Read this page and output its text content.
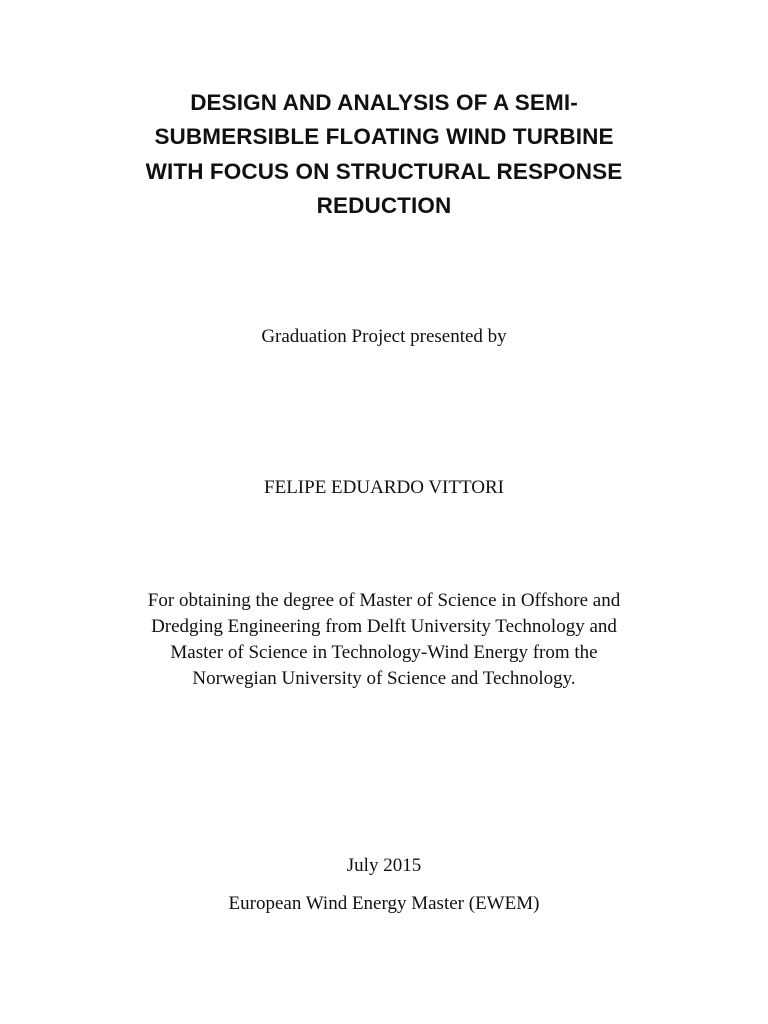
DESIGN AND ANALYSIS OF A SEMI-
SUBMERSIBLE FLOATING WIND TURBINE
WITH FOCUS ON STRUCTURAL RESPONSE
REDUCTION

Graduation Project presented by

FELIPE EDUARDO VITTORI

For obtaining the degree of Master of Science in Offshore and
Dredging Engineering from Delft University Technology and
Master of Science in Technology-Wind Energy from the
Norwegian University of Science and Technology.

July 2015

European Wind Energy Master (EWEM)
